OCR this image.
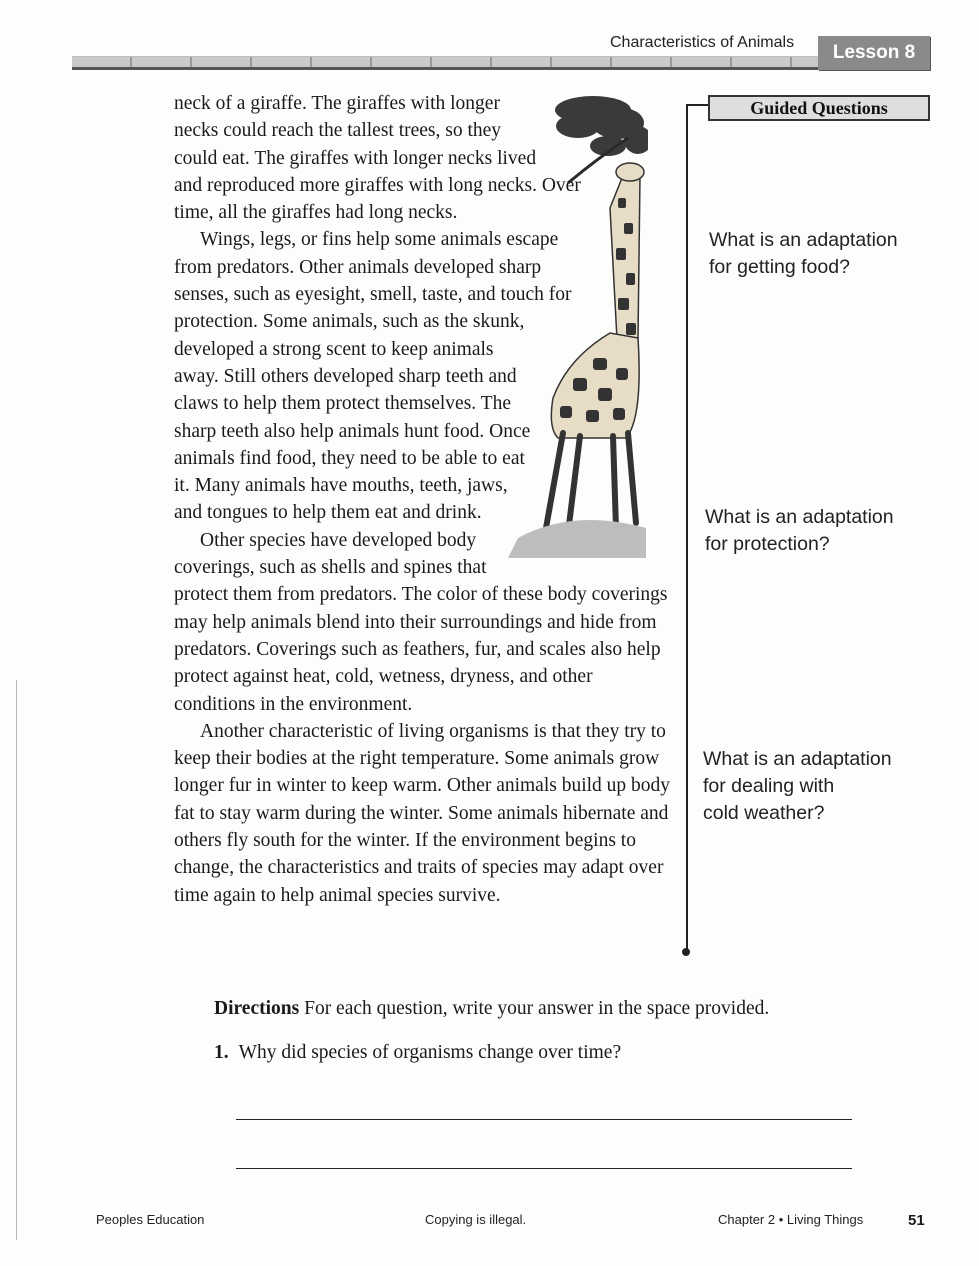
Characteristics of Animals	Lesson 8

neck of a giraffe. The giraffes with longer necks could reach the tallest trees, so they could eat. The giraffes with longer necks lived and reproduced more giraffes with long necks. Over time, all the giraffes had long necks.

Wings, legs, or fins help some animals escape from predators. Other animals developed sharp senses, such as eyesight, smell, taste, and touch for protection. Some animals, such as the skunk, developed a strong scent to keep animals away. Still others developed sharp teeth and claws to help them protect themselves. The sharp teeth also help animals hunt food. Once animals find food, they need to be able to eat it. Many animals have mouths, teeth, jaws, and tongues to help them eat and drink.

Other species have developed body coverings, such as shells and spines that protect them from predators. The color of these body coverings may help animals blend into their surroundings and hide from predators. Coverings such as feathers, fur, and scales also help protect against heat, cold, wetness, dryness, and other conditions in the environment.

Another characteristic of living organisms is that they try to keep their bodies at the right temperature. Some animals grow longer fur in winter to keep warm. Other animals build up body fat to stay warm during the winter. Some animals hibernate and others fly south for the winter. If the environment begins to change, the characteristics and traits of species may adapt over time again to help animal species survive.

Guided Questions
What is an adaptation
for getting food?
What is an adaptation
for protection?
What is an adaptation
for dealing with
cold weather?
Directions For each question, write your answer in the space provided.
1. Why did species of organisms change over time?
Peoples Education	Copying is illegal.	Chapter 2 • Living Things	51
